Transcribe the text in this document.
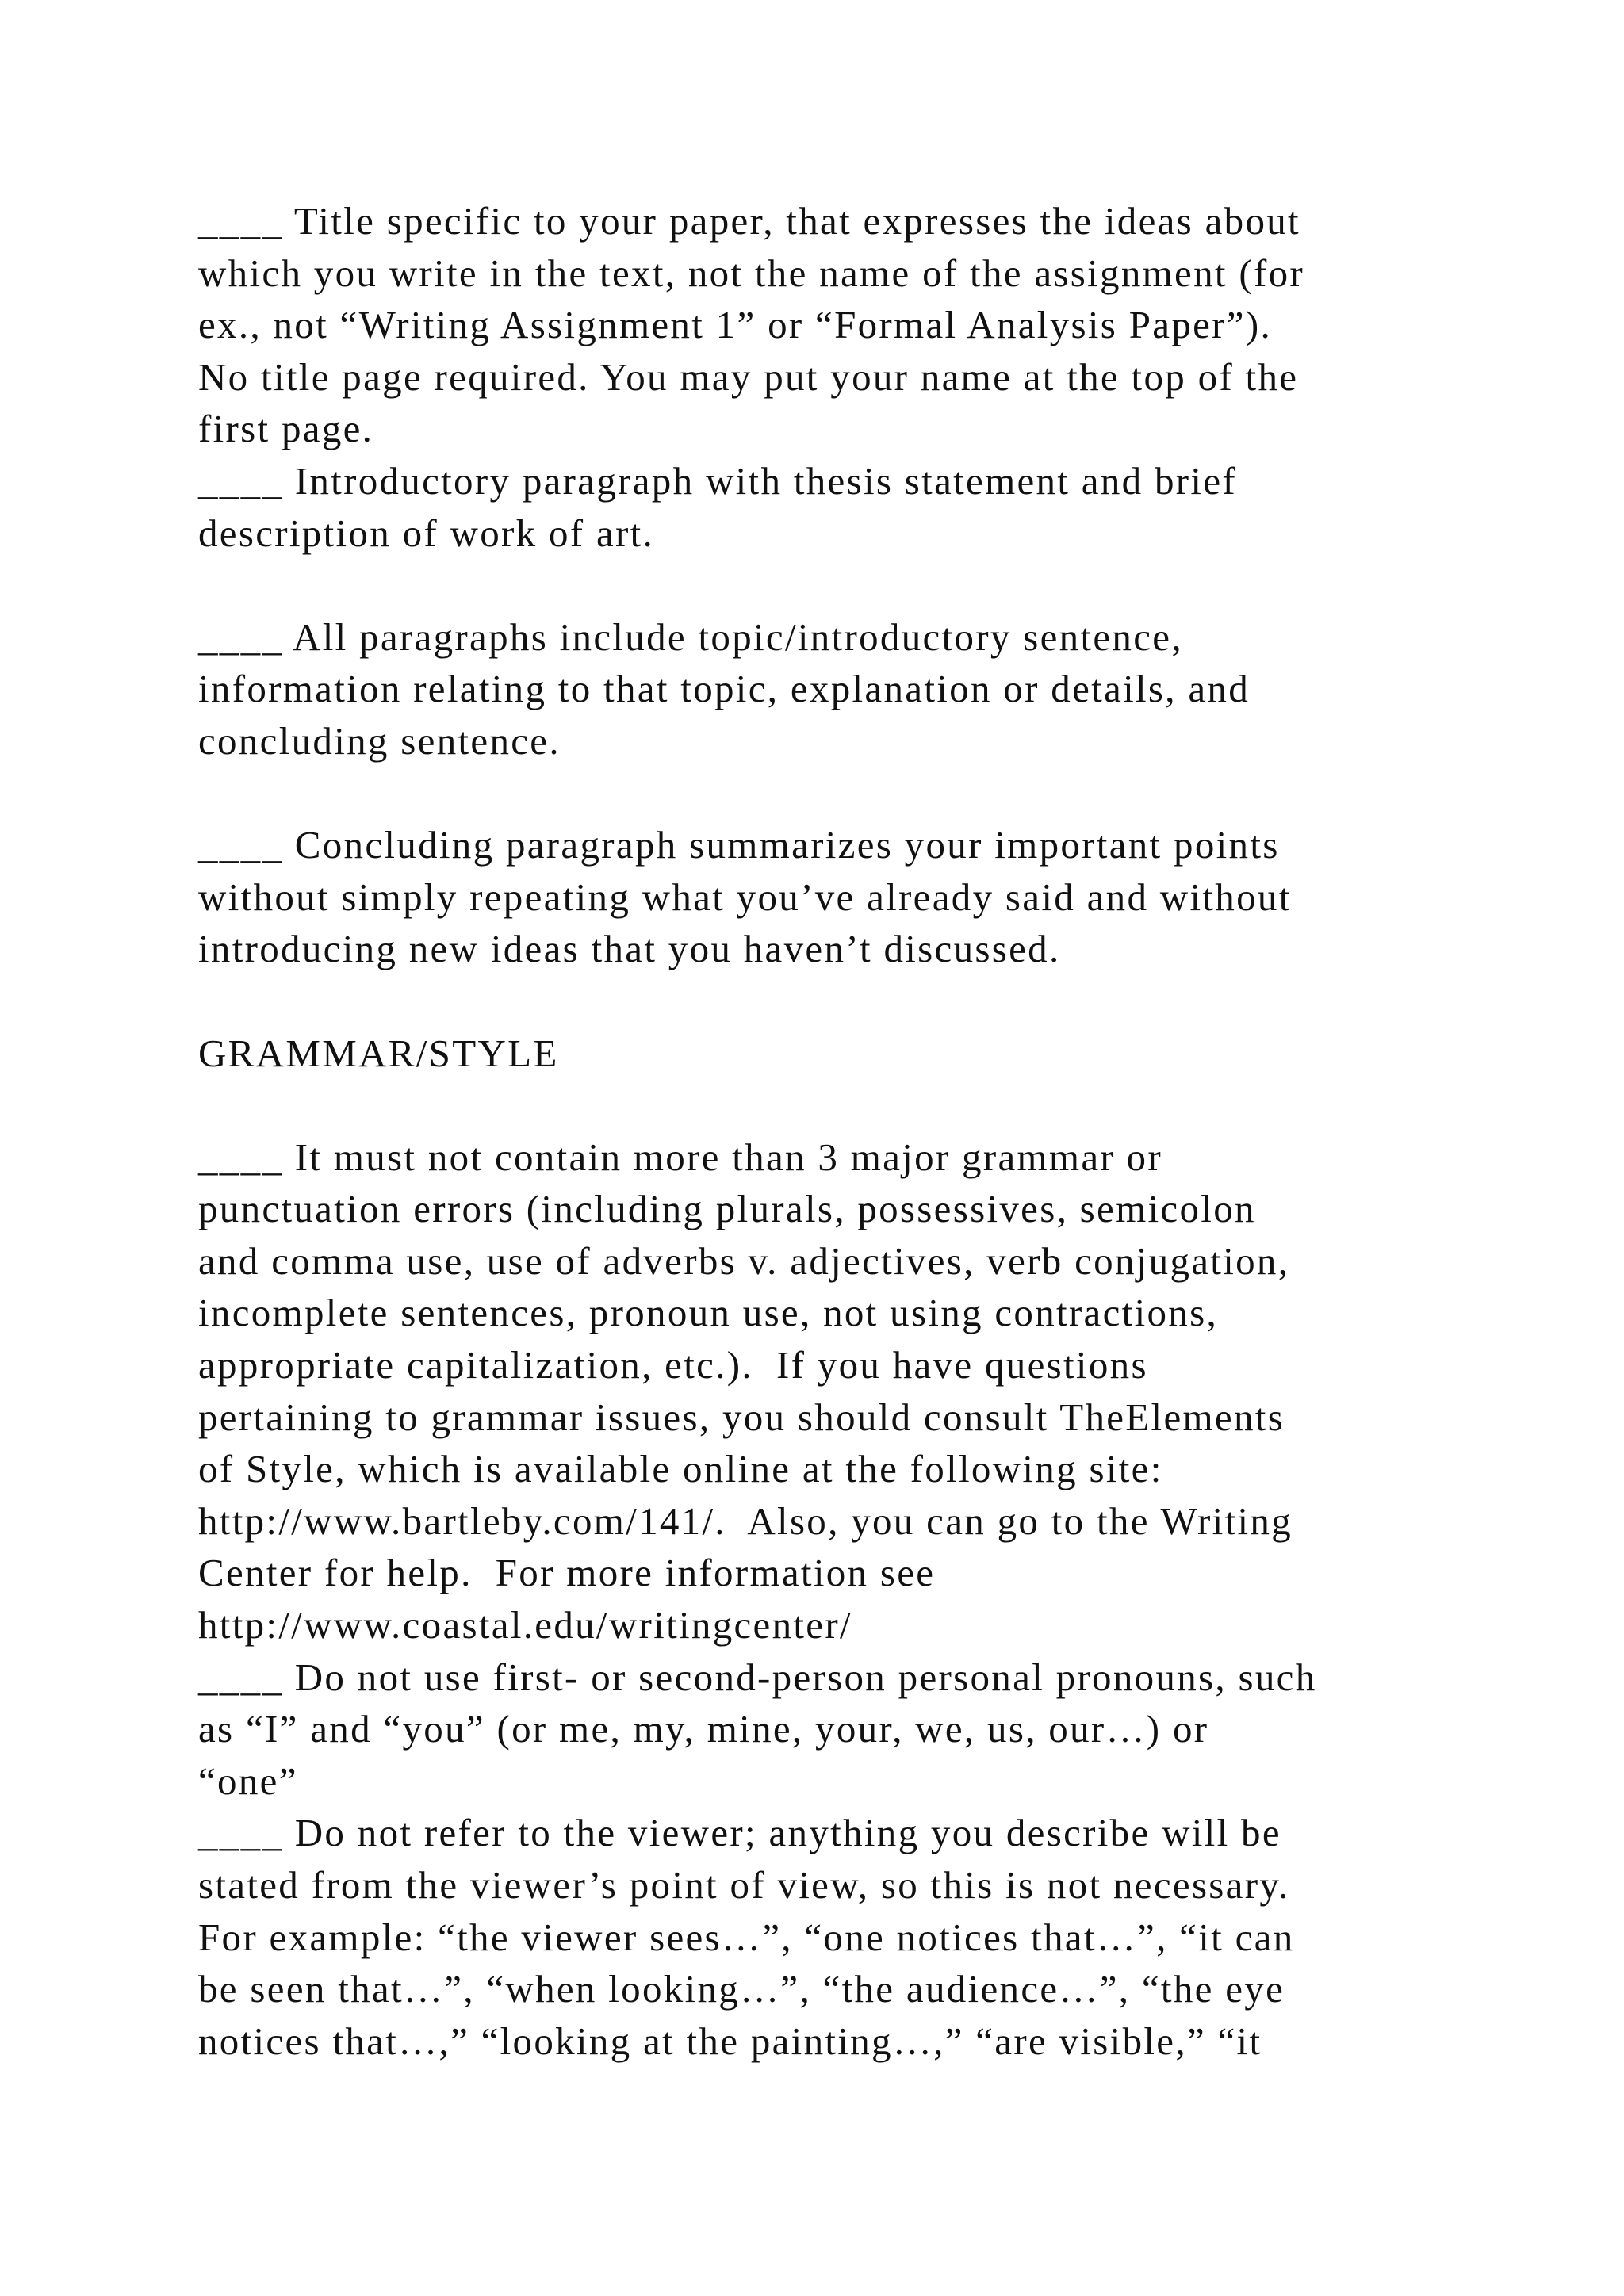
____ Title specific to your paper, that expresses the ideas about
which you write in the text, not the name of the assignment (for
ex., not “Writing Assignment 1” or “Formal Analysis Paper”).
No title page required. You may put your name at the top of the
first page.
____ Introductory paragraph with thesis statement and brief
description of work of art.
____ All paragraphs include topic/introductory sentence,
information relating to that topic, explanation or details, and
concluding sentence.
____ Concluding paragraph summarizes your important points
without simply repeating what you’ve already said and without
introducing new ideas that you haven’t discussed.
GRAMMAR/STYLE
____ It must not contain more than 3 major grammar or
punctuation errors (including plurals, possessives, semicolon
and comma use, use of adverbs v. adjectives, verb conjugation,
incomplete sentences, pronoun use, not using contractions,
appropriate capitalization, etc.).  If you have questions
pertaining to grammar issues, you should consult TheElements
of Style, which is available online at the following site:
http://www.bartleby.com/141/.  Also, you can go to the Writing
Center for help.  For more information see
http://www.coastal.edu/writingcenter/
____ Do not use first- or second-person personal pronouns, such
as “I” and “you” (or me, my, mine, your, we, us, our…) or
“one”
____ Do not refer to the viewer; anything you describe will be
stated from the viewer’s point of view, so this is not necessary.
For example: “the viewer sees…”, “one notices that…”, “it can
be seen that…”, “when looking…”, “the audience…”, “the eye
notices that…,” “looking at the painting…,” “are visible,” “it
